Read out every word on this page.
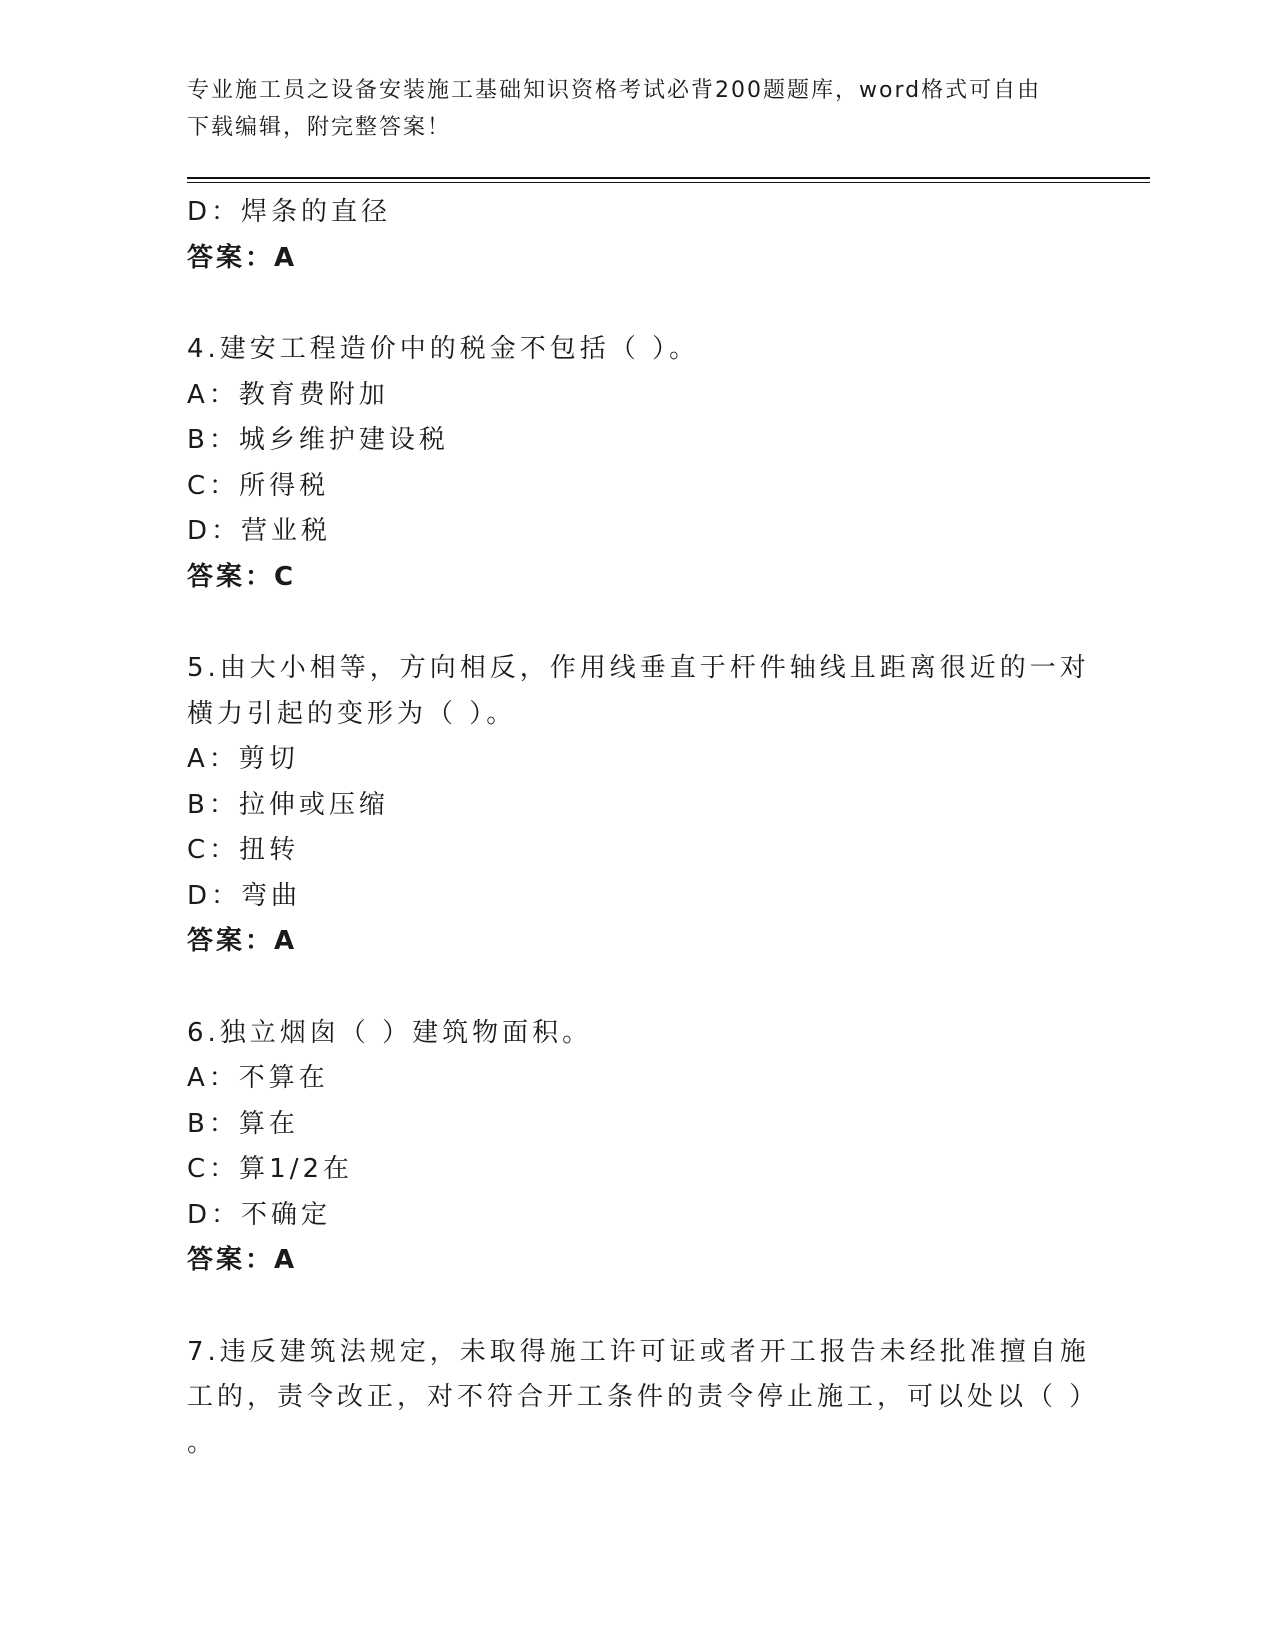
专业施工员之设备安装施工基础知识资格考试必背200题题库，word格式可自由
下载编辑，附完整答案！
D：焊条的直径
答案：A
4.建安工程造价中的税金不包括（ ）。
A：教育费附加
B：城乡维护建设税
C：所得税
D：营业税
答案：C
5.由大小相等，方向相反，作用线垂直于杆件轴线且距离很近的一对
横力引起的变形为（ ）。
A：剪切
B：拉伸或压缩
C：扭转
D：弯曲
答案：A
6.独立烟囱（ ）建筑物面积。
A：不算在
B：算在
C：算1/2在
D：不确定
答案：A
7.违反建筑法规定，未取得施工许可证或者开工报告未经批准擅自施
工的，责令改正，对不符合开工条件的责令停止施工，可以处以（ ）
。
